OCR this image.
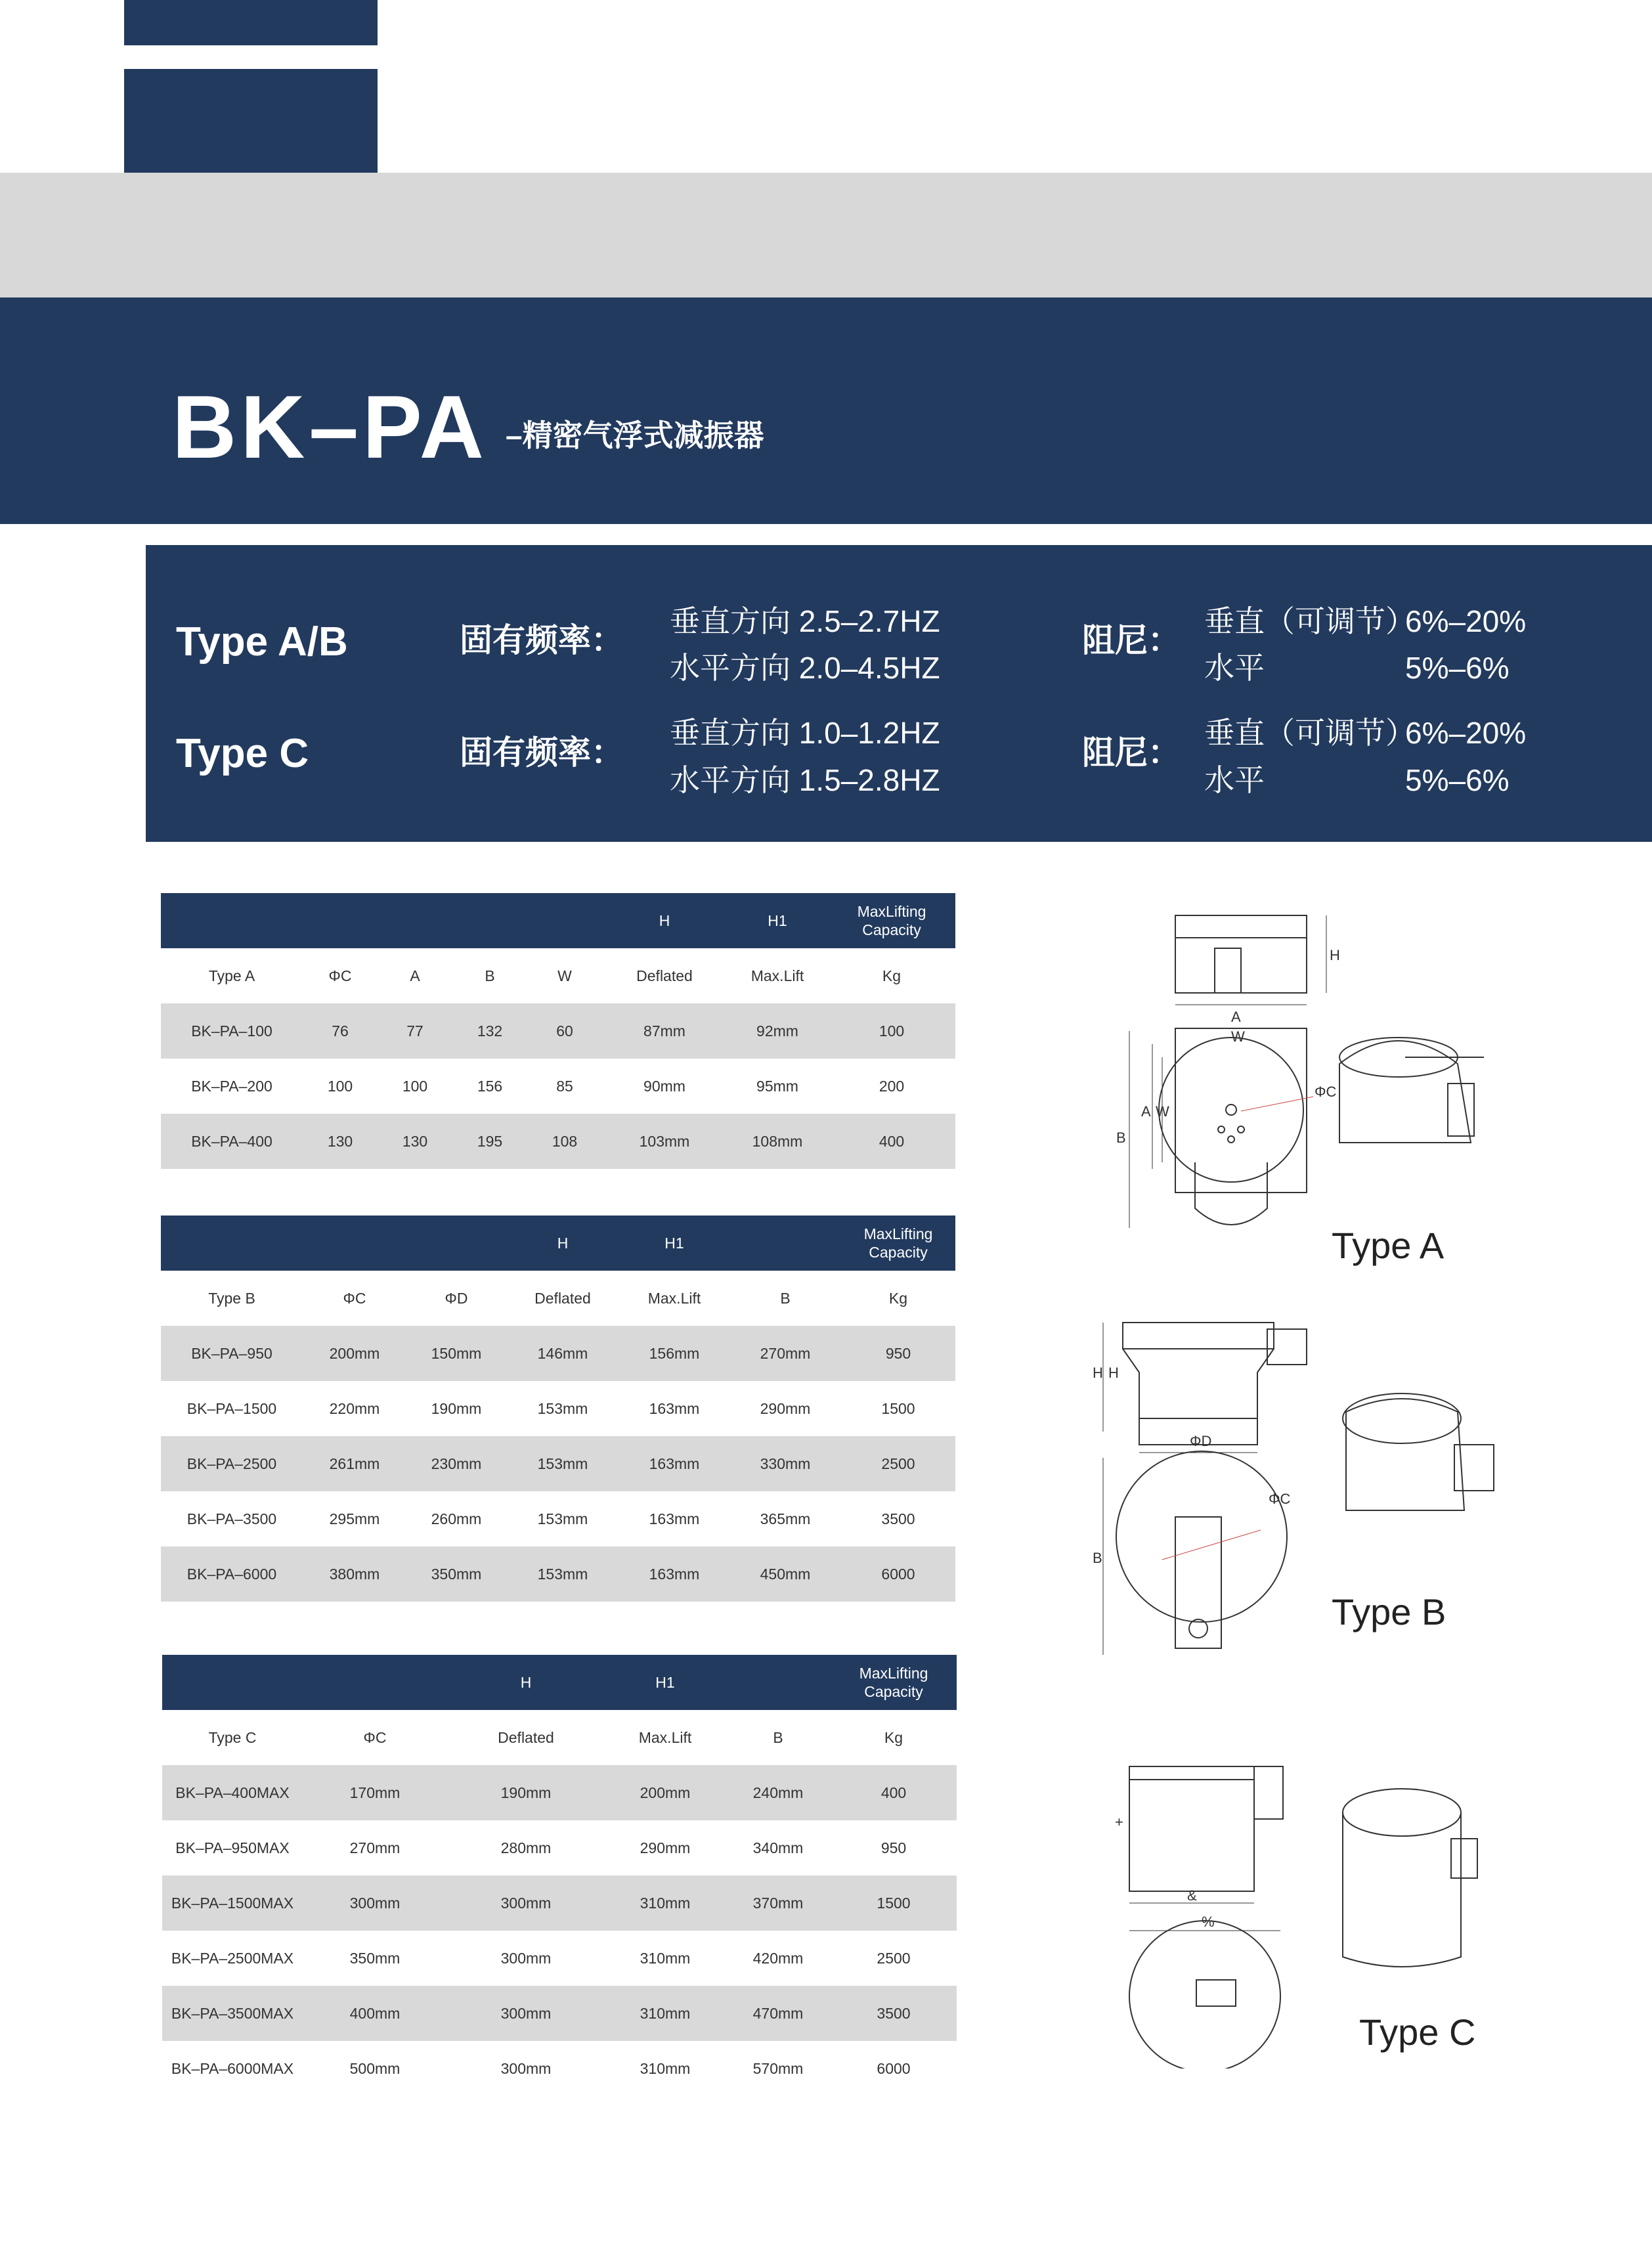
BK–PA –精密气浮式减振器
Type A/B	固有频率：
垂直方向 2.5–2.7HZ
水平方向 2.0–4.5HZ
阻尼：
垂直（可调节）
6%–20%
水平	5%–6%
Type C	固有频率：
垂直方向 1.0–1.2HZ
水平方向 1.5–2.8HZ
阻尼：
垂直（可调节）
6%–20%
水平	5%–6%
					H	H1	MaxLifting
Capacity
Type A	ΦC	A	B	W	Deflated	Max.Lift	Kg
BK–PA–100	76	77	132	60	87mm	92mm	100
BK–PA–200	100	100	156	85	90mm	95mm	200
BK–PA–400	130	130	195	108	103mm	108mm	400
			H	H1		MaxLifting
Capacity
Type B	ΦC	ΦD	Deflated	Max.Lift	B	Kg
BK–PA–950	200mm	150mm	146mm	156mm	270mm	950
BK–PA–1500	220mm	190mm	153mm	163mm	290mm	1500
BK–PA–2500	261mm	230mm	153mm	163mm	330mm	2500
BK–PA–3500	295mm	260mm	153mm	163mm	365mm	3500
BK–PA–6000	380mm	350mm	153mm	163mm	450mm	6000
		H	H1		MaxLifting
Capacity
Type C	ΦC	Deflated	Max.Lift	B	Kg
BK–PA–400MAX	170mm	190mm	200mm	240mm	400
BK–PA–950MAX	270mm	280mm	290mm	340mm	950
BK–PA–1500MAX	300mm	300mm	310mm	370mm	1500
BK–PA–2500MAX	350mm	300mm	310mm	420mm	2500
BK–PA–3500MAX	400mm	300mm	310mm	470mm	3500
BK–PA–6000MAX	500mm	300mm	310mm	570mm	6000
H
A
W
ΦC
B
A W
Type A
H H
ΦD
ΦC
B
Type B
+
&
%
Type C
